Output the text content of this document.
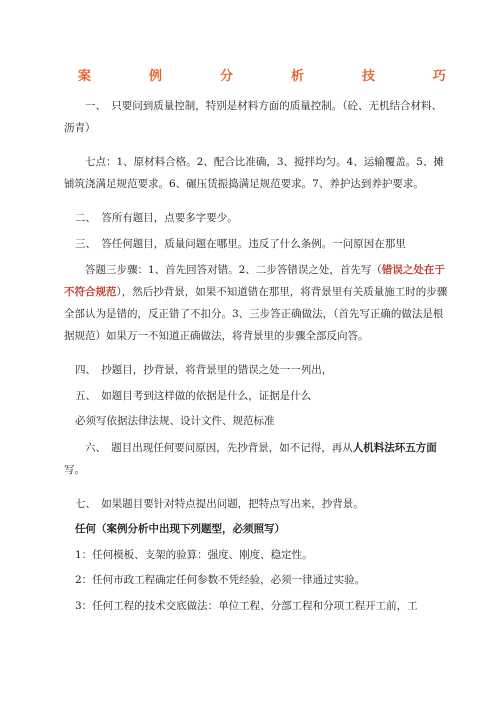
案	例	分	析	技	巧

一、　只要问到质量控制，特别是材料方面的质量控制。（砼、无机结合材料、沥青）

七点：1、原材料合格。2、配合比准确，3、搅拌均匀。4、运输覆盖。5、摊铺筑浇满足规范要求。6、碾压赁振捣满足规范要求。7、养护达到养护要求。

二、　答所有题目，点要多字要少。
三、　答任何题目，质量问题在哪里。违反了什么条例。一问原因在那里

答题三步骤：1、首先回答对错。2、二步答错误之处，首先写（错误之处在于不符合规范），然后抄背景，如果不知道错在那里，将背景里有关质量施工时的步骤全部认为是错的，反正错了不扣分。3、三步答正确做法，（首先写正确的做法是根据规范）如果万一不知道正确做法，将背景里的步骤全部反向答。

四、　抄题目，抄背景，将背景里的错误之处一一列出，
五、　如题目考到这样做的依据是什么，证据是什么
必须写依据法律法规、设计文件、规范标准

六、　题目出现任何要问原因，先抄背景，如不记得，再从人机料法环五方面写。

七、　如果题目要针对特点提出问题，把特点写出来，抄背景。
任何（案例分析中出现下列题型，必须照写）
1：任何模板、支架的验算：强度、刚度、稳定性。
2：任何市政工程确定任何参数不凭经验，必须一律通过实验。
3：任何工程的技术交底做法：单位工程、分部工程和分项工程开工前，工
